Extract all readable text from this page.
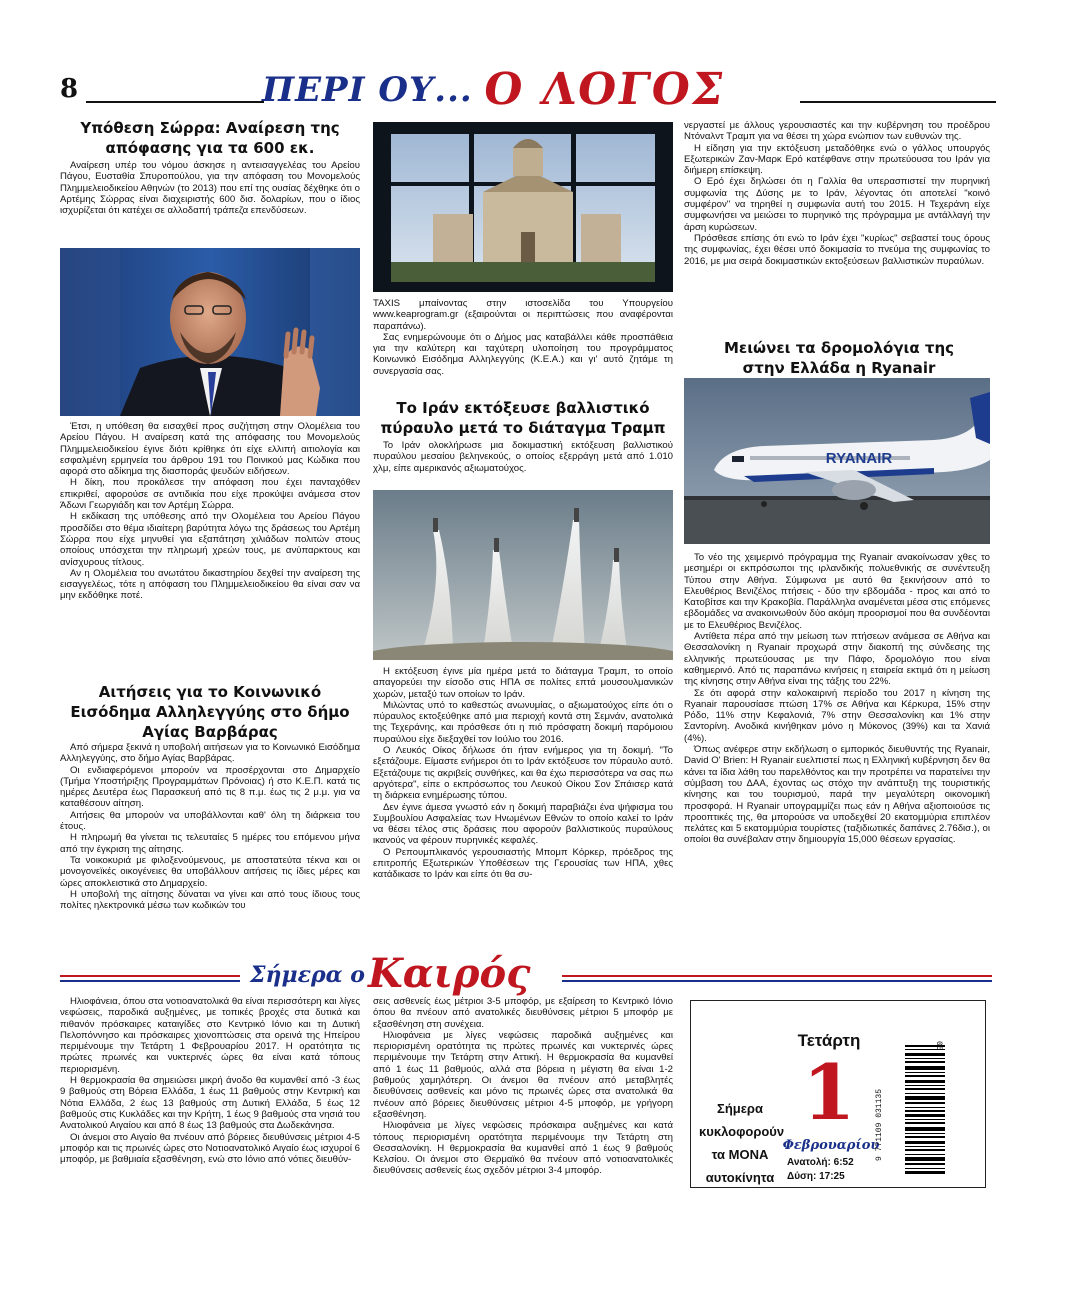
8	ΠΕΡΙ ΟΥ... Ο ΛΟΓΟΣ
Υπόθεση Σώρρα: Αναίρεση της απόφασης για τα 600 εκ.

Αναίρεση υπέρ του νόμου άσκησε η αντεισαγγελέας του Αρείου Πάγου, Ευσταθία Σπυροπούλου, για την απόφαση του Μονομελούς Πλημμελειοδικείου Αθηνών (το 2013) που επί της ουσίας δέχθηκε ότι ο Αρτέμης Σώρρας είναι διαχειριστής 600 δισ. δολαρίων, που ο ίδιος ισχυρίζεται ότι κατέχει σε αλλοδαπή τράπεζα επενδύσεων.

Έτσι, η υπόθεση θα εισαχθεί προς συζήτηση στην Ολομέλεια του Αρείου Πάγου. Η αναίρεση κατά της απόφασης του Μονομελούς Πλημμελειοδικείου έγινε διότι κρίθηκε ότι είχε ελλιπή αιτιολογία και εσφαλμένη ερμηνεία του άρθρου 191 του Ποινικού μας Κώδικα που αφορά στο αδίκημα της διασποράς ψευδών ειδήσεων.

Η δίκη, που προκάλεσε την απόφαση που έχει πανταχόθεν επικριθεί, αφορούσε σε αντιδικία που είχε προκύψει ανάμεσα στον Άδωνι Γεωργιάδη και τον Αρτέμη Σώρρα.

Η εκδίκαση της υπόθεσης από την Ολομέλεια του Αρείου Πάγου προσδίδει στο θέμα ιδιαίτερη βαρύτητα λόγω της δράσεως του Αρτέμη Σώρρα που είχε μηνυθεί για εξαπάτηση χιλιάδων πολιτών στους οποίους υπόσχεται την πληρωμή χρεών τους, με ανύπαρκτους και ανίσχυρους τίτλους.

Αν η Ολομέλεια του ανωτάτου δικαστηρίου δεχθεί την αναίρεση της εισαγγελέως, τότε η απόφαση του Πλημμελειοδικείου θα είναι σαν να μην εκδόθηκε ποτέ.

Αιτήσεις για το Κοινωνικό Εισόδημα Αλληλεγγύης στο δήμο Αγίας Βαρβάρας

Από σήμερα ξεκινά η υποβολή αιτήσεων για το Κοινωνικό Εισόδημα Αλληλεγγύης, στο δήμο Αγίας Βαρβάρας.

Οι ενδιαφερόμενοι μπορούν να προσέρχονται στο Δημαρχείο (Τμήμα Υποστήριξης Προγραμμάτων Πρόνοιας) ή στο Κ.Ε.Π. κατά τις ημέρες Δευτέρα έως Παρασκευή από τις 8 π.μ. έως τις 2 μ.μ. για να καταθέσουν αίτηση.

Αιτήσεις θα μπορούν να υποβάλλονται καθ' όλη τη διάρκεια του έτους.

Η πληρωμή θα γίνεται τις τελευταίες 5 ημέρες του επόμενου μήνα από την έγκριση της αίτησης.

Τα νοικοκυριά με φιλοξενούμενους, με αποστατεύτα τέκνα και οι μονογονεϊκές οικογένειες θα υποβάλλουν αιτήσεις τις ίδιες μέρες και ώρες αποκλειστικά στο Δημαρχείο.

Η υποβολή της αίτησης δύναται να γίνει και από τους ίδιους τους πολίτες ηλεκτρονικά μέσω των κωδικών του

TAXIS μπαίνοντας στην ιστοσελίδα του Υπουργείου www.keaprogram.gr (εξαιρούνται οι περιπτώσεις που αναφέρονται παραπάνω).

Σας ενημερώνουμε ότι ο Δήμος μας καταβάλλει κάθε προσπάθεια για την καλύτερη και ταχύτερη υλοποίηση του προγράμματος Κοινωνικό Εισόδημα Αλληλεγγύης (Κ.Ε.Α.) και γι' αυτό ζητάμε τη συνεργασία σας.

Το Ιράν εκτόξευσε βαλλιστικό πύραυλο μετά το διάταγμα Τραμπ

Το Ιράν ολοκλήρωσε μια δοκιμαστική εκτόξευση βαλλιστικού πυραύλου μεσαίου βεληνεκούς, ο οποίος εξερράγη μετά από 1.010 χλμ, είπε αμερικανός αξιωματούχος.

Η εκτόξευση έγινε μία ημέρα μετά το διάταγμα Τραμπ, το οποίο απαγορεύει την είσοδο στις ΗΠΑ σε πολίτες επτά μουσουλμανικών χωρών, μεταξύ των οποίων το Ιράν.

Μιλώντας υπό το καθεστώς ανωνυμίας, ο αξιωματούχος είπε ότι ο πύραυλος εκτοξεύθηκε από μια περιοχή κοντά στη Σεμνάν, ανατολικά της Τεχεράνης, και πρόσθεσε ότι η πιό πρόσφατη δοκιμή παρόμοιου πυραύλου είχε διεξαχθεί τον Ιούλιο του 2016.

Ο Λευκός Οίκος δήλωσε ότι ήταν ενήμερος για τη δοκιμή. "Το εξετάζουμε. Είμαστε ενήμεροι ότι το Ιράν εκτόξευσε τον πύραυλο αυτό. Εξετάζουμε τις ακριβείς συνθήκες, και θα έχω περισσότερα να σας πω αργότερα", είπε ο εκπρόσωπος του Λευκού Οίκου Σον Σπάισερ κατά τη διάρκεια ενημέρωσης τύπου.

Δεν έγινε άμεσα γνωστό εάν η δοκιμή παραβιάζει ένα ψήφισμα του Συμβουλίου Ασφαλείας των Ηνωμένων Εθνών το οποίο καλεί το Ιράν να θέσει τέλος στις δράσεις που αφορούν βαλλιστικούς πυραύλους ικανούς να φέρουν πυρηνικές κεφαλές.

Ο Ρεπουμπλικανός γερουσιαστής Μπομπ Κόρκερ, πρόεδρος της επιτροπής Εξωτερικών Υποθέσεων της Γερουσίας των ΗΠΑ, χθες κατάδικασε το Ιράν και είπε ότι θα συ-

νεργαστεί με άλλους γερουσιαστές και την κυβέρνηση του προέδρου Ντόναλντ Τραμπ για να θέσει τη χώρα ενώπιον των ευθυνών της.

Η είδηση για την εκτόξευση μεταδόθηκε ενώ ο γάλλος υπουργός Εξωτερικών Ζαν-Μαρκ Ερό κατέφθανε στην πρωτεύουσα του Ιράν για διήμερη επίσκεψη.

Ο Ερό έχει δηλώσει ότι η Γαλλία θα υπερασπιστεί την πυρηνική συμφωνία της Δύσης με το Ιράν, λέγοντας ότι αποτελεί "κοινό συμφέρον" να τηρηθεί η συμφωνία αυτή του 2015. Η Τεχεράνη είχε συμφωνήσει να μειώσει το πυρηνικό της πρόγραμμα με αντάλλαγή την άρση κυρώσεων.

Πρόσθεσε επίσης ότι ενώ το Ιράν έχει "κυρίως" σεβαστεί τους όρους της συμφωνίας, έχει θέσει υπό δοκιμασία το πνεύμα της συμφωνίας το 2016, με μια σειρά δοκιμαστικών εκτοξεύσεων βαλλιστικών πυραύλων.

Μειώνει τα δρομολόγια της στην Ελλάδα η Ryanair
RYANAIR

Το νέο της χειμερινό πρόγραμμα της Ryanair ανακοίνωσαν χθες το μεσημέρι οι εκπρόσωποι της ιρλανδικής πολυεθνικής σε συνέντευξη Τύπου στην Αθήνα. Σύμφωνα με αυτό θα ξεκινήσουν από το Ελευθέριος Βενιζέλος πτήσεις - δύο την εβδομάδα - προς και από το Κατοβίτσε και την Κρακοβία. Παράλληλα αναμένεται μέσα στις επόμενες εβδομάδες να ανακοινωθούν δύο ακόμη προορισμοί που θα συνδέονται με το Ελευθέριος Βενιζέλος.

Αντίθετα πέρα από την μείωση των πτήσεων ανάμεσα σε Αθήνα και Θεσσαλονίκη η Ryanair προχωρά στην διακοπή της σύνδεσης της ελληνικής πρωτεύουσας με την Πάφο, δρομολόγιο που είναι καθημερινό. Από τις παραπάνω κινήσεις η εταιρεία εκτιμά ότι η μείωση της κίνησης στην Αθήνα είναι της τάξης του 22%.

Σε ότι αφορά στην καλοκαιρινή περίοδο του 2017 η κίνηση της Ryanair παρουσίασε πτώση 17% σε Αθήνα και Κέρκυρα, 15% στην Ρόδο, 11% στην Κεφαλονιά, 7% στην Θεσσαλονίκη και 1% στην Σαντορίνη. Ανοδικά κινήθηκαν μόνο η Μύκονος (39%) και τα Χανιά (4%).

Όπως ανέφερε στην εκδήλωση ο εμπορικός διευθυντής της Ryanair, David O' Brien: Η Ryanair ευελπιστεί πως η Ελληνική κυβέρνηση δεν θα κάνει τα ίδια λάθη του παρελθόντος και την προτρέπει να παρατείνει την σύμβαση του ΔΑΑ, έχοντας ως στόχο την ανάπτυξη της τουριστικής κίνησης και του τουρισμού, παρά την μεγαλύτερη οικονομική προσφορά. Η Ryanair υπογραμμίζει πως εάν η Αθήνα αξιοποιούσε τις προοπτικές της, θα μπορούσε να υποδεχθεί 20 εκατομμύρια επιπλέον πελάτες και 5 εκατομμύρια τουρίστες (ταξιδιωτικές δαπάνες 2.76δισ.), οι οποίοι θα συνέβαλαν στην δημιουργία 15,000 θέσεων εργασίας.

Σήμερα ο Καιρός

Ηλιοφάνεια, όπου στα νοτιοανατολικά θα είναι περισσότερη και λίγες νεφώσεις, παροδικά αυξημένες, με τοπικές βροχές στα δυτικά και πιθανόν πρόσκαιρες καταιγίδες στο Κεντρικό Ιόνιο και τη Δυτική Πελοπόννησο και πρόσκαιρες χιονοπτώσεις στα ορεινά της Ηπείρου περιμένουμε την Τετάρτη 1 Φεβρουαρίου 2017. Η ορατότητα τις πρώτες πρωινές και νυκτερινές ώρες θα είναι κατά τόπους περιορισμένη.

Η θερμοκρασία θα σημειώσει μικρή άνοδο θα κυμανθεί από -3 έως 9 βαθμούς στη Βόρεια Ελλάδα, 1 έως 11 βαθμούς στην Κεντρική και Νότια Ελλάδα, 2 έως 13 βαθμούς στη Δυτική Ελλάδα, 5 έως 12 βαθμούς στις Κυκλάδες και την Κρήτη, 1 έως 9 βαθμούς στα νησιά του Ανατολικού Αιγαίου και από 8 έως 13 βαθμούς στα Δωδεκάνησα.

Οι άνεμοι στο Αιγαίο θα πνέουν από βόρειες διευθύνσεις μέτριοι 4-5 μποφόρ και τις πρωινές ώρες στο Νοτιοανατολικό Αιγαίο έως ισχυροί 6 μποφόρ, με βαθμιαία εξασθένηση, ενώ στο Ιόνιο από νότιες διευθύν-

σεις ασθενείς έως μέτριοι 3-5 μποφόρ, με εξαίρεση το Κεντρικό Ιόνιο όπου θα πνέουν από ανατολικές διευθύνσεις μέτριοι 5 μποφόρ με εξασθένηση στη συνέχεια.

Ηλιοφάνεια με λίγες νεφώσεις παροδικά αυξημένες και περιορισμένη ορατότητα τις πρώτες πρωινές και νυκτερινές ώρες περιμένουμε την Τετάρτη στην Αττική. Η θερμοκρασία θα κυμανθεί από 1 έως 11 βαθμούς, αλλά στα βόρεια η μέγιστη θα είναι 1-2 βαθμούς χαμηλότερη. Οι άνεμοι θα πνέουν από μεταβλητές διευθύνσεις ασθενείς και μόνο τις πρωινές ώρες στα ανατολικά θα πνέουν από βόρειες διευθύνσεις μέτριοι 4-5 μποφόρ, με γρήγορη εξασθένηση.

Ηλιοφάνεια με λίγες νεφώσεις πρόσκαιρα αυξημένες και κατά τόπους περιορισμένη ορατότητα περιμένουμε την Τετάρτη στη Θεσσαλονίκη. Η θερμοκρασία θα κυμανθεί από 1 έως 9 βαθμούς Κελσίου. Οι άνεμοι στο Θερμαϊκό θα πνέουν από νοτιοανατολικές διευθύνσεις ασθενείς έως σχεδόν μέτριοι 3-4 μποφόρ.

Σήμερα κυκλοφορούν τα ΜΟΝΑ αυτοκίνητα
Τετάρτη
1
Φεβρουαρίου
Ανατολή: 6:52
Δύση: 17:25
9 771109 031135
05
